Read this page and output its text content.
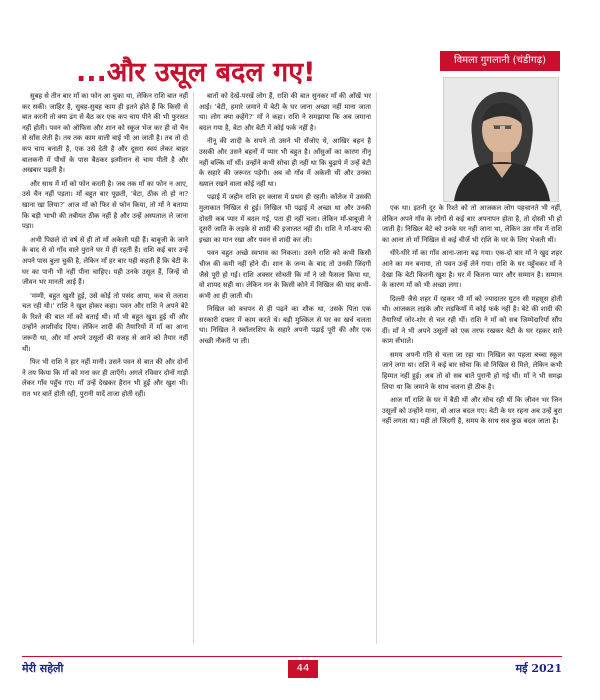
...और उसूल बदल गए!	विमला गुगलानी (चंडीगढ़)

सुबह से तीन बार माँ का फोन आ चुका था, लेकिन राशि बात नहीं कर सकी। जाहिर है, सुबह-सुबह काम ही इतने होते हैं कि किसी से बात करनी तो क्या ढंग से बैठ कर एक कप चाय पीने की भी फुरसत नहीं होती। पवन को ऑफिस और शान को स्कूल भेज कर ही वो चैन से साँस लेती है। तब तक काम वाली बाई भी आ जाती है। तब तो दो कप चाय बनाती है, एक उसे देती है और दूसरा स्वयं लेकर बाहर बालकनी में पौधों के पास बैठकर इत्मीनान से चाय पीती है और अखबार पढ़ती है।

और साथ में माँ को फोन करती है। जब तक माँ का फोन न आए, उसे चैन नहीं पड़ता। माँ बहुत बार पूछती, 'बेटा, ठीक तो हो ना? खाना खा लिया?' आज माँ को फिर से फोन किया, तो माँ ने बताया कि बड़ी भाभी की तबीयत ठीक नहीं है और उन्हें अस्पताल ले जाना पड़ा।

अभी पिछले दो वर्ष से ही तो माँ अकेली पड़ी हैं। बाबूजी के जाने के बाद से वो गाँव वाले पुराने घर में ही रहती हैं। राशि कई बार उन्हें अपने पास बुला चुकी है, लेकिन माँ हर बार यही कहती हैं कि बेटी के घर का पानी भी नहीं पीना चाहिए। यही उनके उसूल हैं, जिन्हें वो जीवन भर मानती आई हैं।

'मम्मी, बहुत खुशी हुई, उसे कोई तो पसंद आया, कब से तलाश चल रही थी।' राशि ने खुश होकर कहा। पवन और राशि ने अपने बेटे के रिश्ते की बात माँ को बताई थी। माँ भी बहुत खुश हुई थीं और उन्होंने आशीर्वाद दिया। लेकिन शादी की तैयारियों में माँ का आना जरूरी था, और माँ अपने उसूलों की वजह से आने को तैयार नहीं थीं।

फिर भी राशि ने हार नहीं मानी। उसने पवन से बात की और दोनों ने तय किया कि माँ को मना कर ही लाएँगे। अगले रविवार दोनों गाड़ी लेकर गाँव पहुँच गए। माँ उन्हें देखकर हैरान भी हुईं और खुश भी। रात भर बातें होती रहीं, पुरानी यादें ताजा होती रहीं।

बातों को देखें-परखें लोग हैं, राशि की बात सुनकर माँ की आँखें भर आईं। 'बेटी, हमारे जमाने में बेटी के घर जाना अच्छा नहीं माना जाता था। लोग क्या कहेंगे?' माँ ने कहा। राशि ने समझाया कि अब जमाना बदल गया है, बेटा और बेटी में कोई फर्क नहीं है।

नीनू की शादी के सपने तो उसने भी सँजोए थे, आखिर बहन है उसकी और उसने बहनों में प्यार भी बहुत है। आँसुओं का कारण नीनू नहीं बल्कि माँ थीं। उन्होंने कभी सोचा ही नहीं था कि बुढ़ापे में उन्हें बेटी के सहारे की जरूरत पड़ेगी। अब वो गाँव में अकेली थीं और उनका ख्याल रखने वाला कोई नहीं था।

पढ़ाई में जहीन राशि हर क्लास में प्रथम ही रहती। कॉलेज में उसकी मुलाकात निखिल से हुई। निखिल भी पढ़ाई में अच्छा था और उनकी दोस्ती कब प्यार में बदल गई, पता ही नहीं चला। लेकिन माँ-बाबूजी ने दूसरी जाति के लड़के से शादी की इजाजत नहीं दी। राशि ने माँ-बाप की इच्छा का मान रखा और पवन से शादी कर ली।

पवन बहुत अच्छे स्वभाव का निकला। उसने राशि को कभी किसी चीज की कमी नहीं होने दी। शान के जन्म के बाद तो उनकी जिंदगी जैसे पूरी हो गई। राशि अक्सर सोचती कि माँ ने जो फैसला किया था, वो शायद सही था। लेकिन मन के किसी कोने में निखिल की याद कभी-कभी आ ही जाती थी।

निखिल को बचपन से ही पढ़ने का शौक था, उसके पिता एक सरकारी दफ्तर में काम करते थे। बड़ी मुश्किल से घर का खर्च चलता था। निखिल ने स्कॉलरशिप के सहारे अपनी पढ़ाई पूरी की और एक अच्छी नौकरी पा ली।

एक था। इतनी दूर के रिश्ते को तो आजकल लोग पहचानते भी नहीं, लेकिन अपने गाँव के लोगों से कई बार अपनापन होता है, तो दोस्ती भी हो जाती है। निखिल बेटे को उनके घर नहीं जाना था, लेकिन उस गाँव में राशि का आना तो माँ निखिल से कई चीजें भी राशि के घर के लिए भेजती थीं।

धीरे-धीरे माँ का गाँव आना-जाना बढ़ गया। एक-दो बार माँ ने खुद शहर आने का मन बनाया, तो पवन उन्हें लेने गया। राशि के घर पहुँचकर माँ ने देखा कि बेटी कितनी खुश है। घर में कितना प्यार और सम्मान है। सम्मान के कारण माँ को भी अच्छा लगा।

दिल्ली जैसे शहर में रहकर भी माँ को ज्यादातर घुटन सी महसूस होती थी। आजकल लड़के और लड़कियाँ में कोई फर्क नहीं है। बेटे की शादी की तैयारियाँ जोर-शोर से चल रही थीं। राशि ने माँ को सब जिम्मेदारियाँ सौंप दीं। माँ ने भी अपने उसूलों को एक तरफ रखकर बेटी के घर रहकर सारे काम सँभाले।

समय अपनी गति से चला जा रहा था। निखिल का पहला बच्चा स्कूल जाने लगा था। राशि ने कई बार सोचा कि वो निखिल से मिले, लेकिन कभी हिम्मत नहीं हुई। अब तो वो सब बातें पुरानी हो गई थीं। माँ ने भी समझ लिया था कि जमाने के साथ चलना ही ठीक है।

आज माँ राशि के घर में बैठी थीं और सोच रही थीं कि जीवन भर जिन उसूलों को उन्होंने माना, वो आज बदल गए। बेटी के घर रहना अब उन्हें बुरा नहीं लगता था। यही तो जिंदगी है, समय के साथ सब कुछ बदल जाता है।

मेरी सहेली	44	मई 2021
